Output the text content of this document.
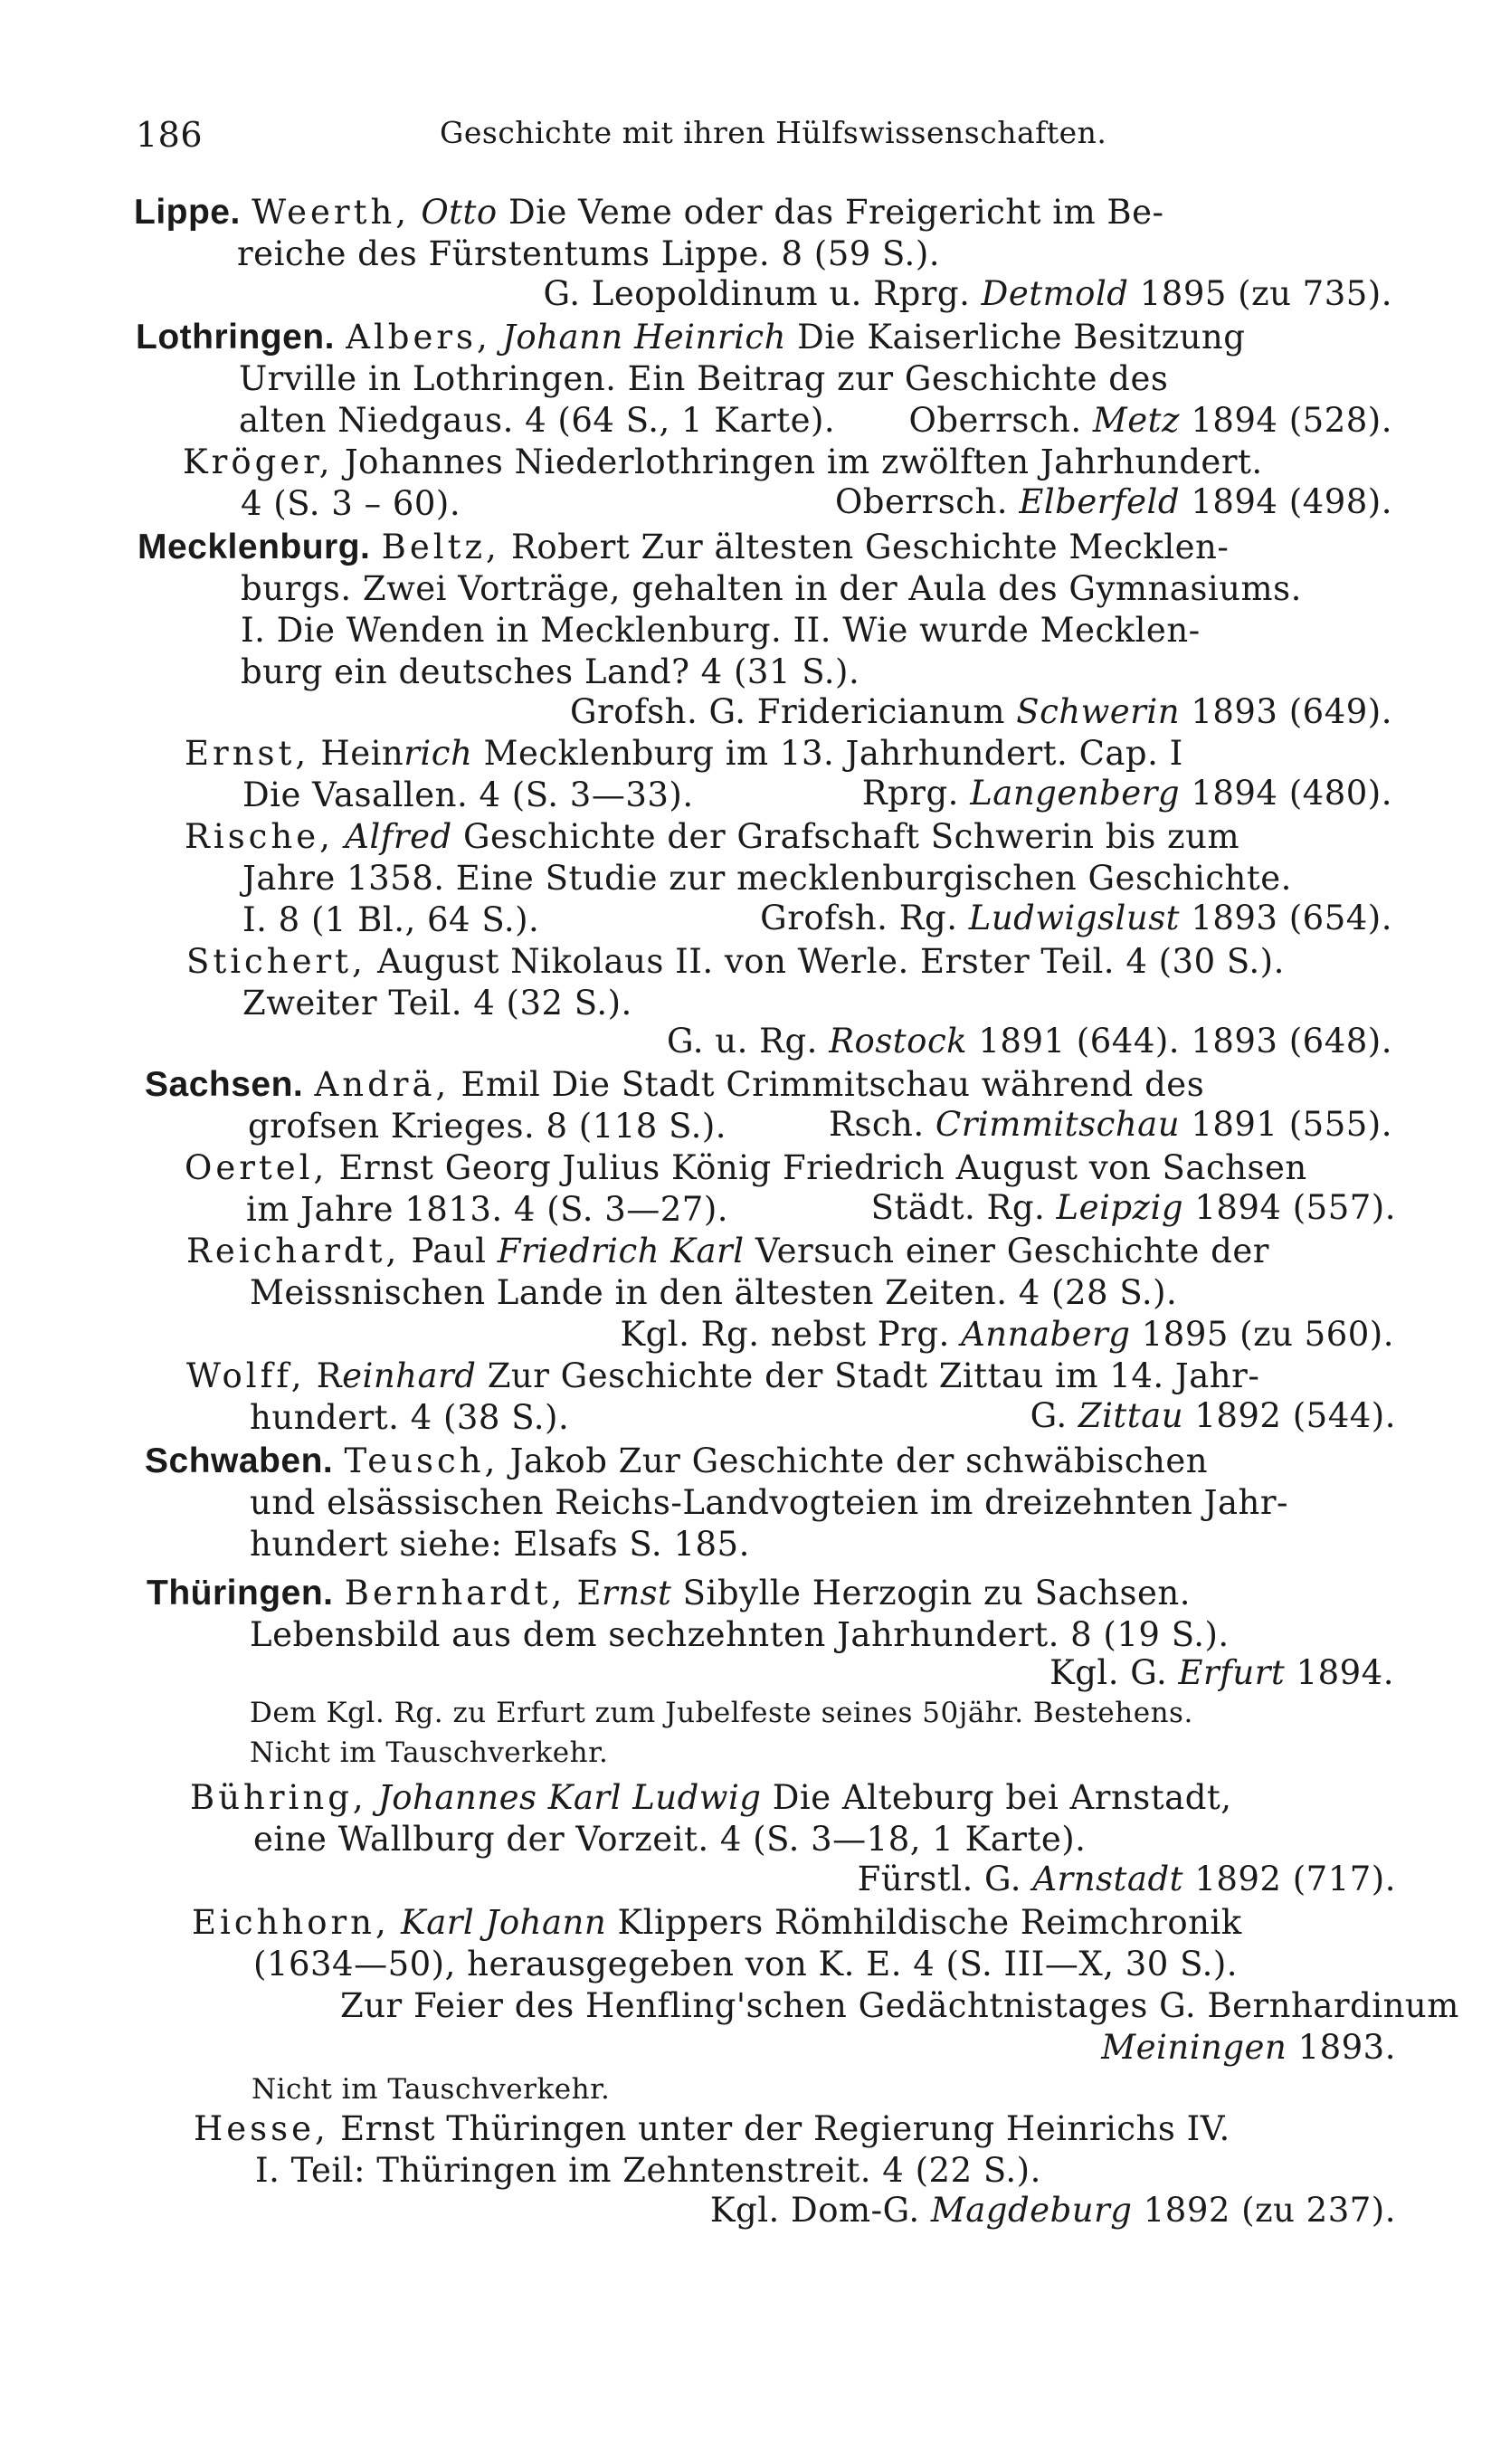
186	Geschichte mit ihren Hülfswissenschaften.
Lippe. Weerth, Otto Die Veme oder das Freigericht im Be-
reiche des Fürstentums Lippe. 8 (59 S.).
G. Leopoldinum u. Rprg. Detmold 1895 (zu 735).
Lothringen. Albers, Johann Heinrich Die Kaiserliche Besitzung
Urville in Lothringen. Ein Beitrag zur Geschichte des
alten Niedgaus. 4 (64 S., 1 Karte). Oberrsch. Metz 1894 (528).
Kröger, Johannes Niederlothringen im zwölften Jahrhundert.
4 (S. 3 – 60).	Oberrsch. Elberfeld 1894 (498).
Mecklenburg. Beltz, Robert Zur ältesten Geschichte Mecklen-
burgs. Zwei Vorträge, gehalten in der Aula des Gymnasiums.
I. Die Wenden in Mecklenburg. II. Wie wurde Mecklen-
burg ein deutsches Land? 4 (31 S.).
Grofsh. G. Fridericianum Schwerin 1893 (649).
Ernst, Heinrich Mecklenburg im 13. Jahrhundert. Cap. I
Die Vasallen. 4 (S. 3—33).	Rprg. Langenberg 1894 (480).
Rische, Alfred Geschichte der Grafschaft Schwerin bis zum
Jahre 1358. Eine Studie zur mecklenburgischen Geschichte.
I. 8 (1 Bl., 64 S.).	Grofsh. Rg. Ludwigslust 1893 (654).
Stichert, August Nikolaus II. von Werle. Erster Teil. 4 (30 S.).
Zweiter Teil. 4 (32 S.).
G. u. Rg. Rostock 1891 (644). 1893 (648).
Sachsen. Andrä, Emil Die Stadt Crimmitschau während des
grofsen Krieges. 8 (118 S.).	Rsch. Crimmitschau 1891 (555).
Oertel, Ernst Georg Julius König Friedrich August von Sachsen
im Jahre 1813. 4 (S. 3—27).	Städt. Rg. Leipzig 1894 (557).
Reichardt, Paul Friedrich Karl Versuch einer Geschichte der
Meissnischen Lande in den ältesten Zeiten. 4 (28 S.).
Kgl. Rg. nebst Prg. Annaberg 1895 (zu 560).
Wolff, Reinhard Zur Geschichte der Stadt Zittau im 14. Jahr-
hundert. 4 (38 S.).	G. Zittau 1892 (544).
Schwaben. Teusch, Jakob Zur Geschichte der schwäbischen
und elsässischen Reichs-Landvogteien im dreizehnten Jahr-
hundert siehe: Elsafs S. 185.
Thüringen. Bernhardt, Ernst Sibylle Herzogin zu Sachsen.
Lebensbild aus dem sechzehnten Jahrhundert. 8 (19 S.).
Kgl. G. Erfurt 1894.
Dem Kgl. Rg. zu Erfurt zum Jubelfeste seines 50jähr. Bestehens.
Nicht im Tauschverkehr.
Bühring, Johannes Karl Ludwig Die Alteburg bei Arnstadt,
eine Wallburg der Vorzeit. 4 (S. 3—18, 1 Karte).
Fürstl. G. Arnstadt 1892 (717).
Eichhorn, Karl Johann Klippers Römhildische Reimchronik
(1634—50), herausgegeben von K. E. 4 (S. III—X, 30 S.).
Zur Feier des Henfling'schen Gedächtnistages G. Bernhardinum
Meiningen 1893.
Nicht im Tauschverkehr.
Hesse, Ernst Thüringen unter der Regierung Heinrichs IV.
I. Teil: Thüringen im Zehntenstreit. 4 (22 S.).
Kgl. Dom-G. Magdeburg 1892 (zu 237).
